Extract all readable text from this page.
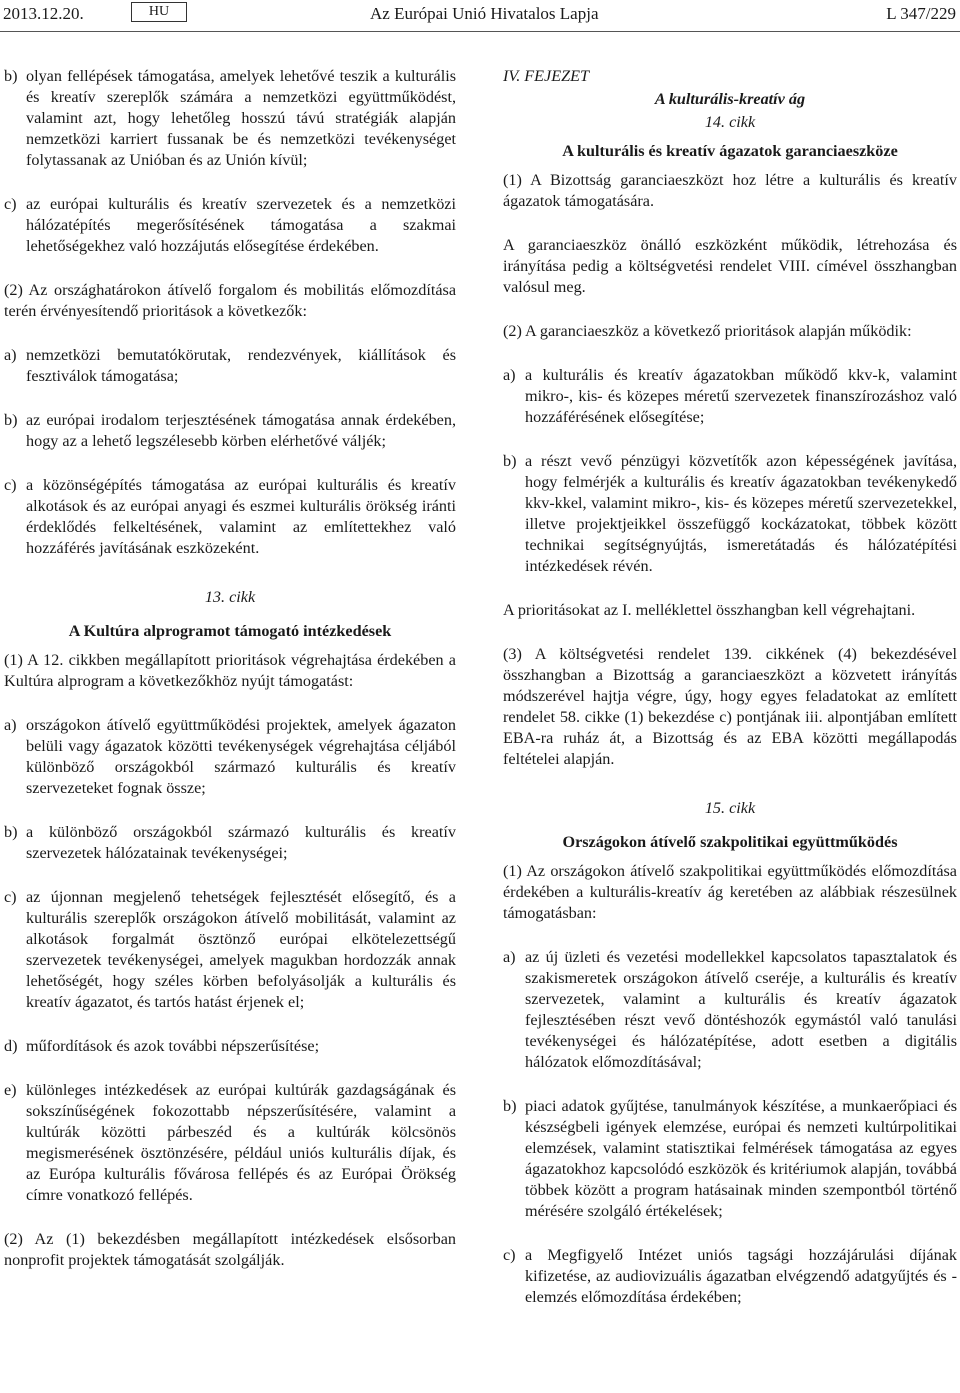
2013.12.20.	HU	Az Európai Unió Hivatalos Lapja	L 347/229
b) olyan fellépések támogatása, amelyek lehetővé teszik a kulturális és kreatív szereplők számára a nemzetközi együttműködést, valamint azt, hogy lehetőleg hosszú távú stratégiák alapján nemzetközi karriert fussanak be és nemzetközi tevékenységet folytassanak az Unióban és az Unión kívül;
c) az európai kulturális és kreatív szervezetek és a nemzetközi hálózatépítés megerősítésének támogatása a szakmai lehetőségekhez való hozzájutás elősegítése érdekében.

(2) Az országhatárokon átívelő forgalom és mobilitás előmozdítása terén érvényesítendő prioritások a következők:

a) nemzetközi bemutatókörutak, rendezvények, kiállítások és fesztiválok támogatása;
b) az európai irodalom terjesztésének támogatása annak érdekében, hogy az a lehető legszélesebb körben elérhetővé váljék;
c) a közönségépítés támogatása az európai kulturális és kreatív alkotások és az európai anyagi és eszmei kulturális örökség iránti érdeklődés felkeltésének, valamint az említettekhez való hozzáférés javításának eszközeként.
13. cikk
A Kultúra alprogramot támogató intézkedések

(1) A 12. cikkben megállapított prioritások végrehajtása érdekében a Kultúra alprogram a következőkhöz nyújt támogatást:

a) országokon átívelő együttműködési projektek, amelyek ágazaton belüli vagy ágazatok közötti tevékenységek végrehajtása céljából különböző országokból származó kulturális és kreatív szervezeteket fognak össze;
b) a különböző országokból származó kulturális és kreatív szervezetek hálózatainak tevékenységei;
c) az újonnan megjelenő tehetségek fejlesztését elősegítő, és a kulturális szereplők országokon átívelő mobilitását, valamint az alkotások forgalmát ösztönző európai elkötelezettségű szervezetek tevékenységei, amelyek magukban hordozzák annak lehetőségét, hogy széles körben befolyásolják a kulturális és kreatív ágazatot, és tartós hatást érjenek el;
d) műfordítások és azok további népszerűsítése;
e) különleges intézkedések az európai kultúrák gazdagságának és sokszínűségének fokozottabb népszerűsítésére, valamint a kultúrák közötti párbeszéd és a kultúrák kölcsönös megismerésének ösztönzésére, például uniós kulturális díjak, és az Európa kulturális fővárosa fellépés és az Európai Örökség címre vonatkozó fellépés.

(2) Az (1) bekezdésben megállapított intézkedések elsősorban nonprofit projektek támogatását szolgálják.

IV. FEJEZET
A kulturális-kreatív ág
14. cikk
A kulturális és kreatív ágazatok garanciaeszköze

(1) A Bizottság garanciaeszközt hoz létre a kulturális és kreatív ágazatok támogatására.

A garanciaeszköz önálló eszközként működik, létrehozása és irányítása pedig a költségvetési rendelet VIII. címével összhangban valósul meg.

(2) A garanciaeszköz a következő prioritások alapján működik:

a) a kulturális és kreatív ágazatokban működő kkv-k, valamint mikro-, kis- és közepes méretű szervezetek finanszírozáshoz való hozzáférésének elősegítése;
b) a részt vevő pénzügyi közvetítők azon képességének javítása, hogy felmérjék a kulturális és kreatív ágazatokban tevékenykedő kkv-kkel, valamint mikro-, kis- és közepes méretű szervezetekkel, illetve projektjeikkel összefüggő kockázatokat, többek között technikai segítségnyújtás, ismeretátadás és hálózatépítési intézkedések révén.

A prioritásokat az I. melléklettel összhangban kell végrehajtani.

(3) A költségvetési rendelet 139. cikkének (4) bekezdésével összhangban a Bizottság a garanciaeszközt a közvetett irányítás módszerével hajtja végre, úgy, hogy egyes feladatokat az említett rendelet 58. cikke (1) bekezdése c) pontjának iii. alpontjában említett EBA-ra ruház át, a Bizottság és az EBA közötti megállapodás feltételei alapján.

15. cikk
Országokon átívelő szakpolitikai együttműködés

(1) Az országokon átívelő szakpolitikai együttműködés előmozdítása érdekében a kulturális-kreatív ág keretében az alábbiak részesülnek támogatásban:

a) az új üzleti és vezetési modellekkel kapcsolatos tapasztalatok és szakismeretek országokon átívelő cseréje, a kulturális és kreatív szervezetek, valamint a kulturális és kreatív ágazatok fejlesztésében részt vevő döntéshozók egymástól való tanulási tevékenységei és hálózatépítése, adott esetben a digitális hálózatok előmozdításával;
b) piaci adatok gyűjtése, tanulmányok készítése, a munkaerőpiaci és készségbeli igények elemzése, európai és nemzeti kultúrpolitikai elemzések, valamint statisztikai felmérések támogatása az egyes ágazatokhoz kapcsolódó eszközök és kritériumok alapján, továbbá többek között a program hatásainak minden szempontból történő mérésére szolgáló értékelések;
c) a Megfigyelő Intézet uniós tagsági hozzájárulási díjának kifizetése, az audiovizuális ágazatban elvégzendő adatgyűjtés és -elemzés előmozdítása érdekében;
